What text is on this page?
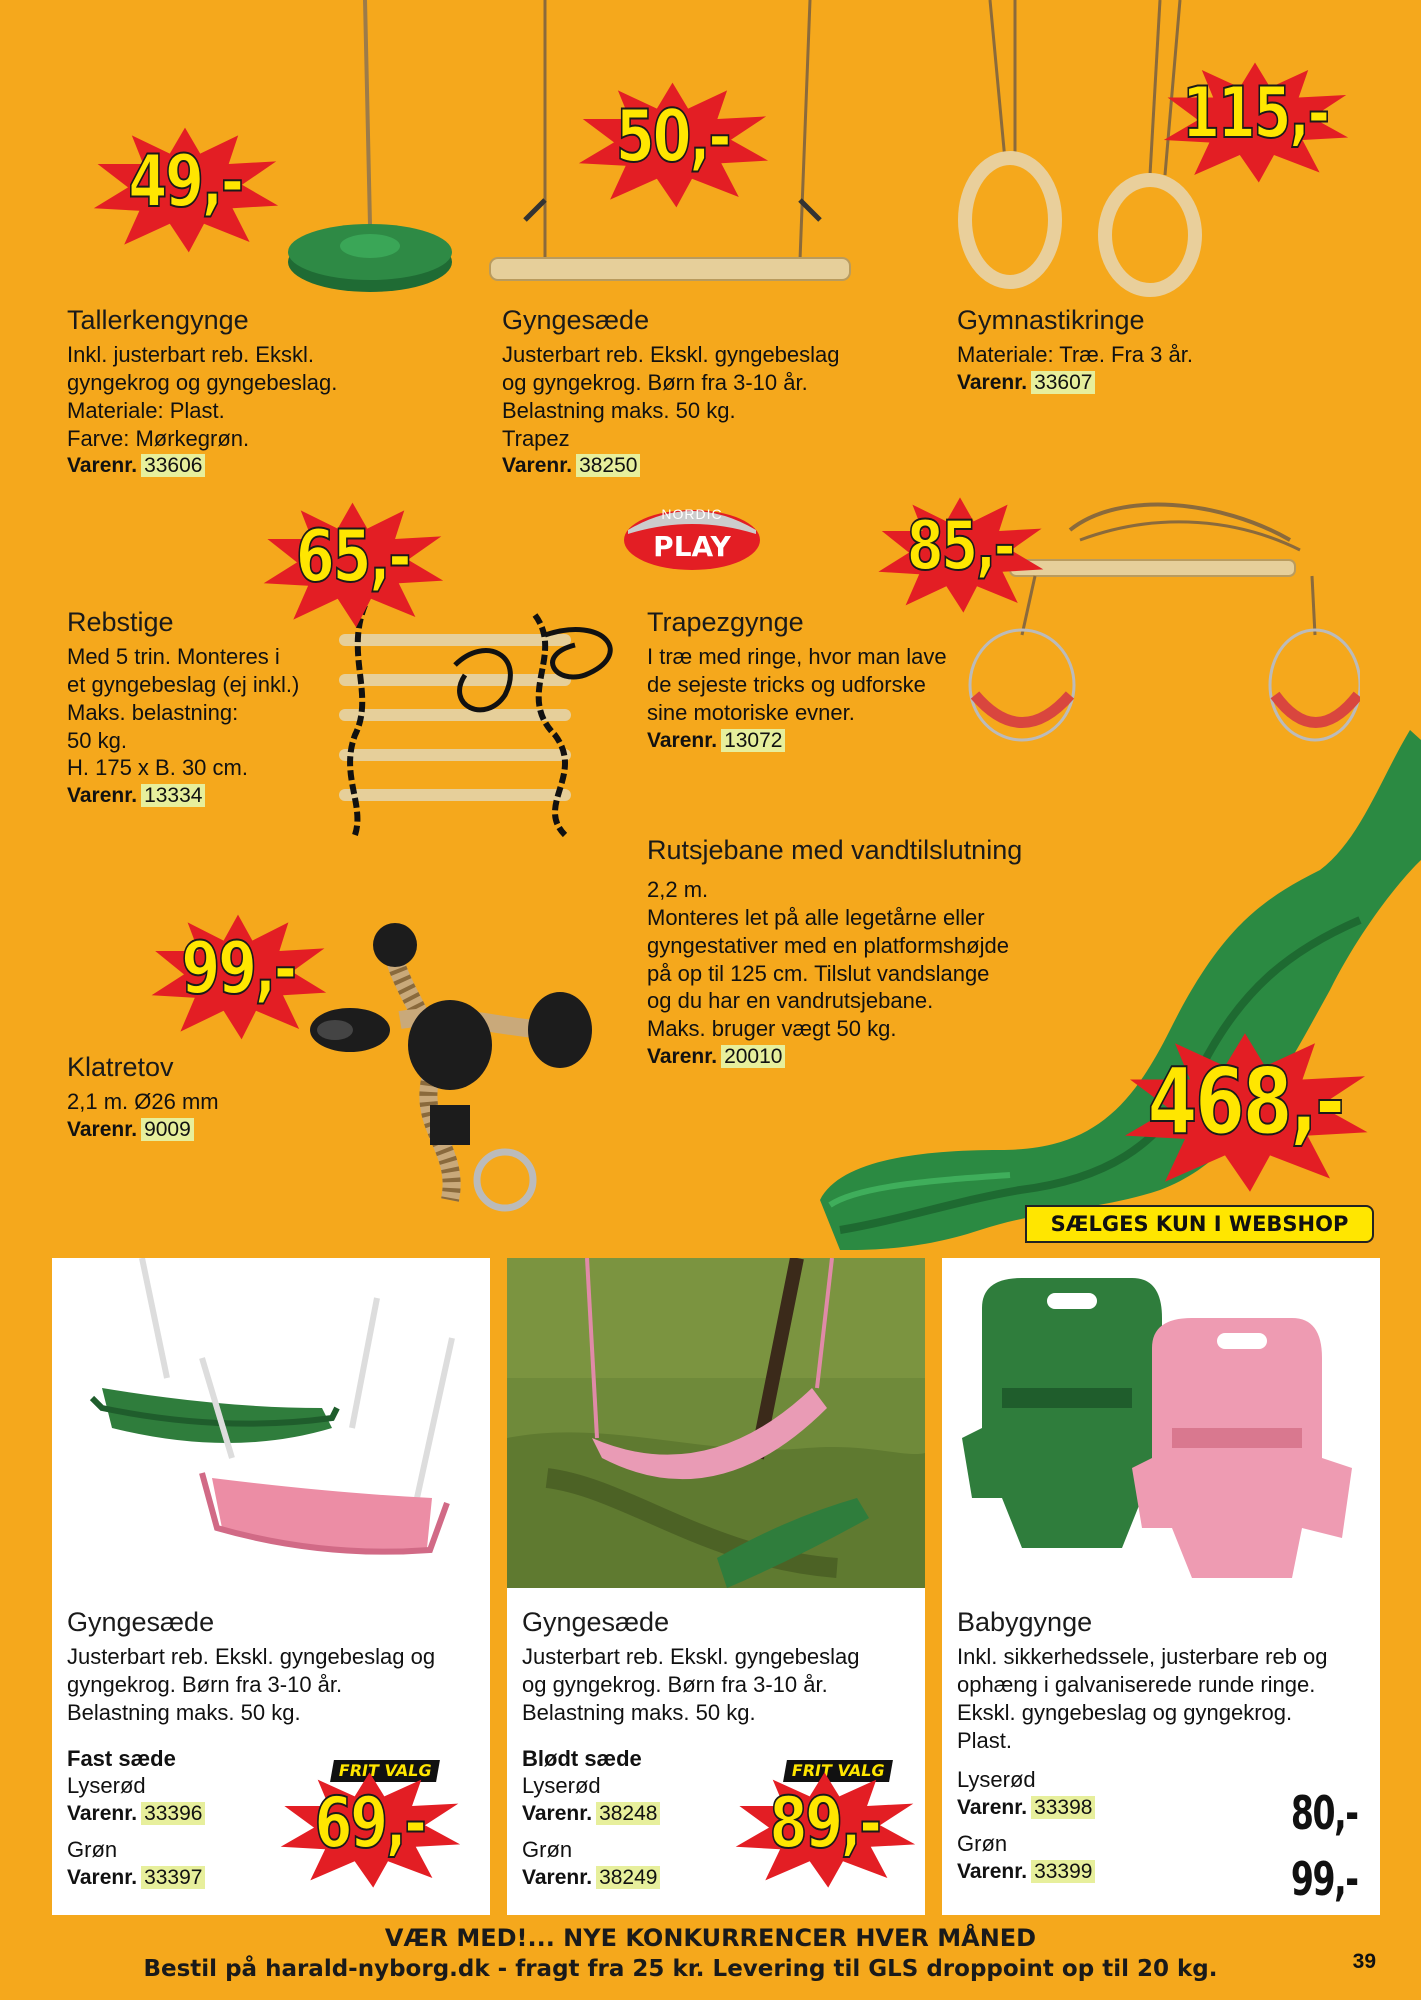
49,-
50,-	115,-
Tallerkengynge
Inkl. justerbart reb. Ekskl.
gyngekrog og gyngebeslag.
Materiale: Plast.
Farve: Mørkegrøn.
Varenr. 33606
Gyngesæde
Justerbart reb. Ekskl. gyngebeslag
og gyngekrog. Børn fra 3-10 år.
Belastning maks. 50 kg.
Trapez
Varenr. 38250
Gymnastikringe
Materiale: Træ. Fra 3 år.
Varenr. 33607
NORDIC
PLAY
65,-
Rebstige
Med 5 trin. Monteres i
et gyngebeslag (ej inkl.)
Maks. belastning:
50 kg.
H. 175 x B. 30 cm.
Varenr. 13334
85,-
Trapezgynge
I træ med ringe, hvor man lave
de sejeste tricks og udforske
sine motoriske evner.
Varenr. 13072
Rutsjebane med vandtilslutning
2,2 m.
Monteres let på alle legetårne eller
gyngestativer med en platformshøjde
på op til 125 cm. Tilslut vandslange
og du har en vandrutsjebane.
Maks. bruger vægt 50 kg.
Varenr. 20010	468,-
SÆLGES KUN I WEBSHOP
99,-
Klatretov
2,1 m. Ø26 mm
Varenr. 9009
Gyngesæde
Justerbart reb. Ekskl. gyngebeslag og
gyngekrog. Børn fra 3-10 år.
Belastning maks. 50 kg.
Fast sæde
Lyserød
Varenr. 33396
Grøn
Varenr. 33397
FRIT VALG
69,-
Gyngesæde
Justerbart reb. Ekskl. gyngebeslag
og gyngekrog. Børn fra 3-10 år.
Belastning maks. 50 kg.
Blødt sæde
Lyserød
Varenr. 38248
Grøn
Varenr. 38249
FRIT VALG
89,-
Babygynge
Inkl. sikkerhedssele, justerbare reb og
ophæng i galvaniserede runde ringe.
Ekskl. gyngebeslag og gyngekrog.
Plast.
Lyserød
Varenr. 33398
Grøn
Varenr. 33399
80,-
99,-
VÆR MED!... NYE KONKURRENCER HVER MÅNED
Bestil på harald-nyborg.dk - fragt fra 25 kr. Levering til GLS droppoint op til 20 kg.	39
